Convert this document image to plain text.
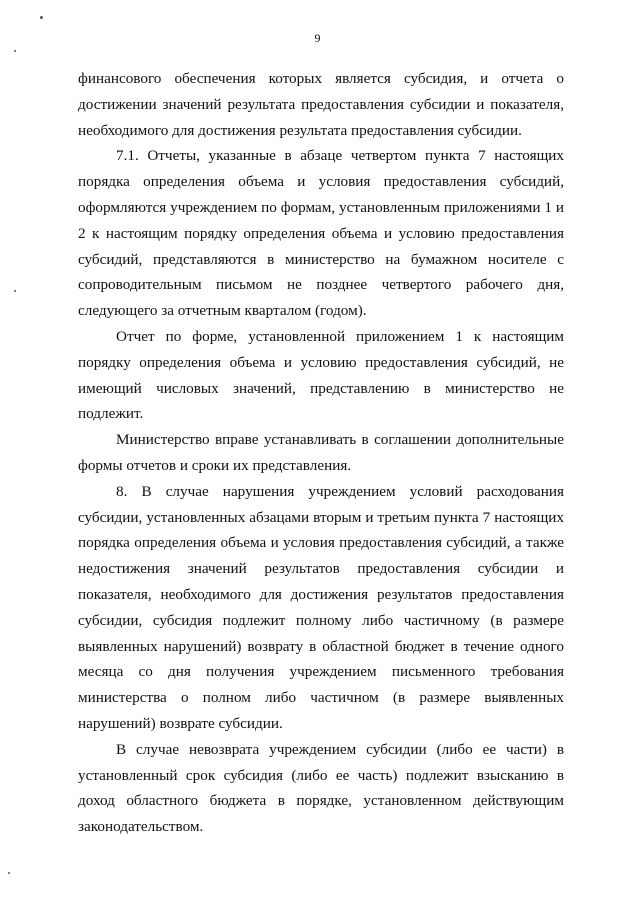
9
финансового обеспечения которых является субсидия, и отчета о
достижении значений результата предоставления субсидии и показателя,
необходимого для достижения результата предоставления субсидии.
7.1. Отчеты, указанные в абзаце четвертом пункта 7 настоящих
порядка определения объема и условия предоставления субсидий,
оформляются учреждением по формам, установленным приложениями 1 и
2 к настоящим порядку определения объема и условию предоставления
субсидий, представляются в министерство на бумажном носителе с
сопроводительным письмом не позднее четвертого рабочего дня,
следующего за отчетным кварталом (годом).
Отчет по форме, установленной приложением 1 к настоящим
порядку определения объема и условию предоставления субсидий, не
имеющий числовых значений, представлению в министерство не
подлежит.
Министерство вправе устанавливать в соглашении дополнительные
формы отчетов и сроки их представления.
8. В случае нарушения учреждением условий расходования
субсидии, установленных абзацами вторым и третьим пункта 7 настоящих
порядка определения объема и условия предоставления субсидий, а также
недостижения значений результатов предоставления субсидии и
показателя, необходимого для достижения результатов предоставления
субсидии, субсидия подлежит полному либо частичному (в размере
выявленных нарушений) возврату в областной бюджет в течение одного
месяца со дня получения учреждением письменного требования
министерства о полном либо частичном (в размере выявленных
нарушений) возврате субсидии.
В случае невозврата учреждением субсидии (либо ее части) в
установленный срок субсидия (либо ее часть) подлежит взысканию в
доход областного бюджета в порядке, установленном действующим
законодательством.
